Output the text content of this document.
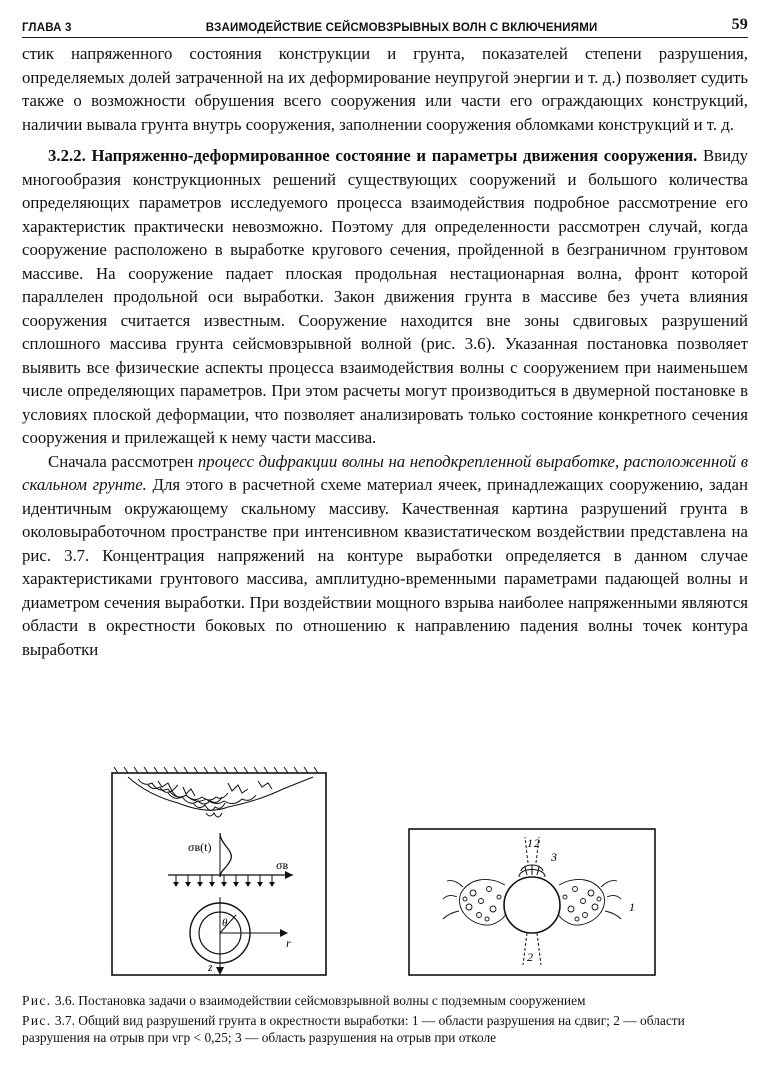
ГЛАВА 3	ВЗАИМОДЕЙСТВИЕ СЕЙСМОВЗРЫВНЫХ ВОЛН С ВКЛЮЧЕНИЯМИ	59

стик напряженного состояния конструкции и грунта, показателей степени разрушения, определяемых долей затраченной на их деформирование неупругой энергии и т. д.) позволяет судить также о возможности обрушения всего сооружения или части его ограждающих конструкций, наличии вывала грунта внутрь сооружения, заполнении сооружения обломками конструкций и т. д.

3.2.2. Напряженно-деформированное состояние и параметры движения сооружения. Ввиду многообразия конструкционных решений существующих сооружений и большого количества определяющих параметров исследуемого процесса взаимодействия подробное рассмотрение его характеристик практически невозможно. Поэтому для определенности рассмотрен случай, когда сооружение расположено в выработке кругового сечения, пройденной в безграничном грунтовом массиве. На сооружение падает плоская продольная нестационарная волна, фронт которой параллелен продольной оси выработки. Закон движения грунта в массиве без учета влияния сооружения считается известным. Сооружение находится вне зоны сдвиговых разрушений сплошного массива грунта сейсмовзрывной волной (рис. 3.6). Указанная постановка позволяет выявить все физические аспекты процесса взаимодействия волны с сооружением при наименьшем числе определяющих параметров. При этом расчеты могут производиться в двумерной постановке в условиях плоской деформации, что позволяет анализировать только состояние конкретного сечения сооружения и прилежащей к нему части массива.

Сначала рассмотрен процесс дифракции волны на неподкрепленной выработке, расположенной в скальном грунте. Для этого в расчетной схеме материал ячеек, принадлежащих сооружению, задан идентичным окружающему скальному массиву. Качественная картина разрушений грунта в околовыработочном пространстве при интенсивном квазистатическом воздействии представлена на рис. 3.7. Концентрация напряжений на контуре выработки определяется в данном случае характеристиками грунтового массива, амплитудно-временными параметрами падающей волны и диаметром сечения выработки. При воздействии мощного взрыва наиболее напряженными являются области в окрестности боковых по отношению к направлению падения волны точек контура выработки

σв(t)
σв
θ
r
z
1 2
3
2
1

Рис. 3.6. Постановка задачи о взаимодействии сейсмовзрывной волны с подземным сооружением

Рис. 3.7. Общий вид разрушений грунта в окрестности выработки: 1 — области разрушения на сдвиг; 2 — области разрушения на отрыв при νгр < 0,25; 3 — область разрушения на отрыв при отколе
